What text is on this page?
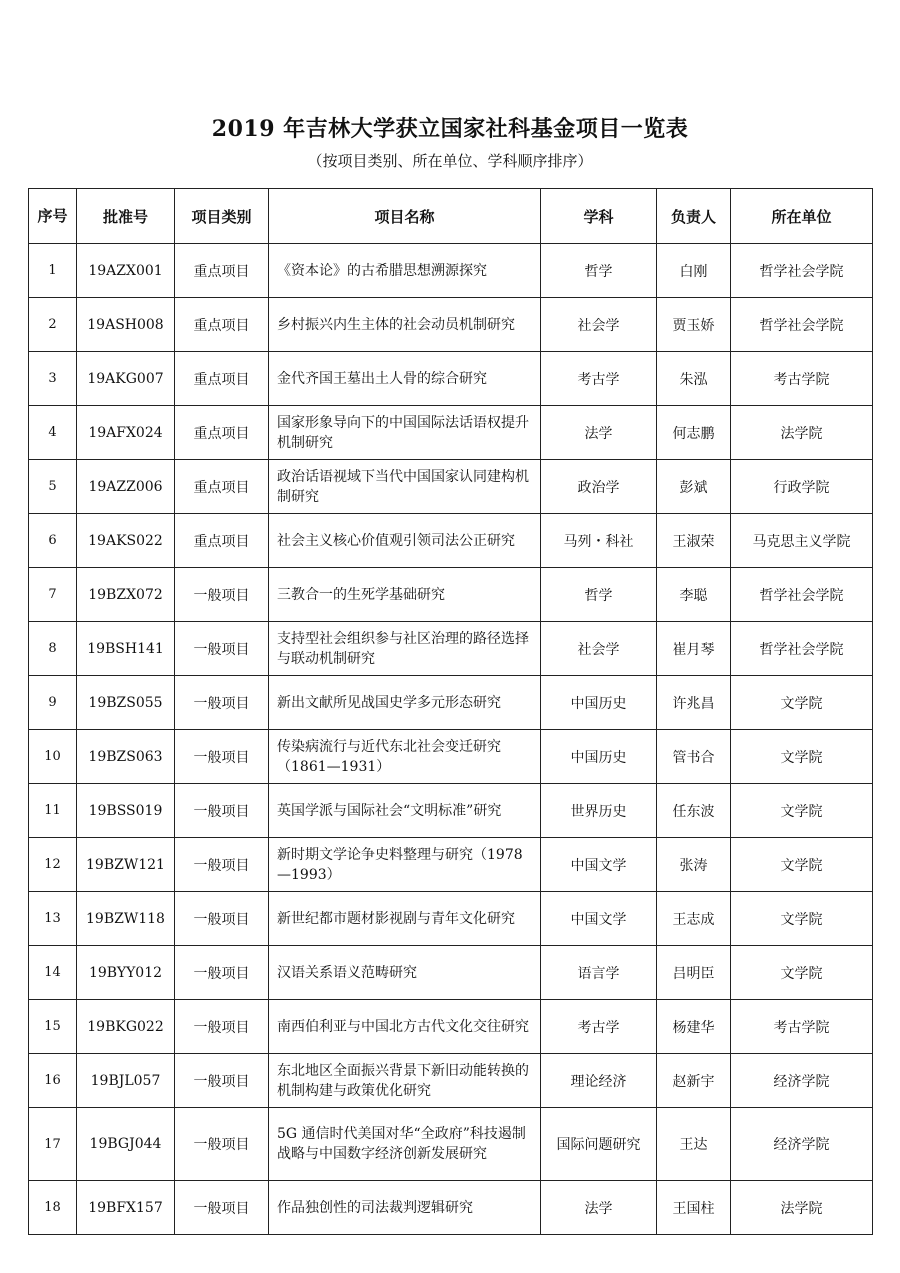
2019 年吉林大学获立国家社科基金项目一览表
（按项目类别、所在单位、学科顺序排序）
序号	批准号	项目类别	项目名称	学科	负责人	所在单位
1	19AZX001	重点项目	《资本论》的古希腊思想溯源探究	哲学	白刚	哲学社会学院
2	19ASH008	重点项目	乡村振兴内生主体的社会动员机制研究	社会学	贾玉娇	哲学社会学院
3	19AKG007	重点项目	金代齐国王墓出土人骨的综合研究	考古学	朱泓	考古学院
4	19AFX024	重点项目	国家形象导向下的中国国际法话语权提升机制研究	法学	何志鹏	法学院
5	19AZZ006	重点项目	政治话语视域下当代中国国家认同建构机制研究	政治学	彭斌	行政学院
6	19AKS022	重点项目	社会主义核心价值观引领司法公正研究	马列・科社	王淑荣	马克思主义学院
7	19BZX072	一般项目	三教合一的生死学基础研究	哲学	李聪	哲学社会学院
8	19BSH141	一般项目	支持型社会组织参与社区治理的路径选择与联动机制研究	社会学	崔月琴	哲学社会学院
9	19BZS055	一般项目	新出文献所见战国史学多元形态研究	中国历史	许兆昌	文学院
10	19BZS063	一般项目	传染病流行与近代东北社会变迁研究（1861—1931）	中国历史	管书合	文学院
11	19BSS019	一般项目	英国学派与国际社会“文明标准”研究	世界历史	任东波	文学院
12	19BZW121	一般项目	新时期文学论争史料整理与研究（1978—1993）	中国文学	张涛	文学院
13	19BZW118	一般项目	新世纪都市题材影视剧与青年文化研究	中国文学	王志成	文学院
14	19BYY012	一般项目	汉语关系语义范畴研究	语言学	吕明臣	文学院
15	19BKG022	一般项目	南西伯利亚与中国北方古代文化交往研究	考古学	杨建华	考古学院
16	19BJL057	一般项目	东北地区全面振兴背景下新旧动能转换的机制构建与政策优化研究	理论经济	赵新宇	经济学院
17	19BGJ044	一般项目	5G 通信时代美国对华“全政府”科技遏制战略与中国数字经济创新发展研究	国际问题研究	王达	经济学院
18	19BFX157	一般项目	作品独创性的司法裁判逻辑研究	法学	王国柱	法学院
